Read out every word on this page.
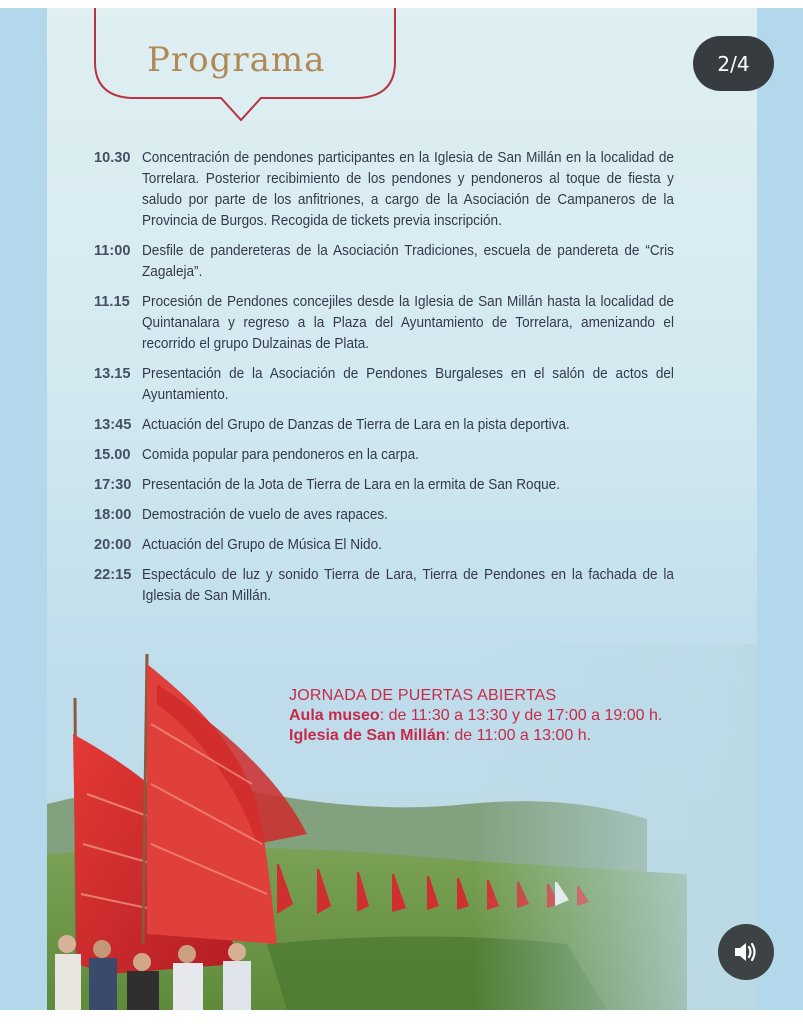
Programa
10.30 Concentración de pendones participantes en la Iglesia de San Millán en la localidad de Torrelara. Posterior recibimiento de los pendones y pendoneros al toque de fiesta y saludo por parte de los anfitriones, a cargo de la Asociación de Campaneros de la Provincia de Burgos. Recogida de tickets previa inscripción.
11:00 Desfile de pandereteras de la Asociación Tradiciones, escuela de pandereta de “Cris Zagaleja”.
11.15 Procesión de Pendones concejiles desde la Iglesia de San Millán hasta la localidad de Quintanalara y regreso a la Plaza del Ayuntamiento de Torrelara, amenizando el recorrido el grupo Dulzainas de Plata.
13.15 Presentación de la Asociación de Pendones Burgaleses en el salón de actos del Ayuntamiento.
13:45 Actuación del Grupo de Danzas de Tierra de Lara en la pista deportiva.
15.00 Comida popular para pendoneros en la carpa.
17:30 Presentación de la Jota de Tierra de Lara en la ermita de San Roque.
18:00 Demostración de vuelo de aves rapaces.
20:00 Actuación del Grupo de Música El Nido.
22:15 Espectáculo de luz y sonido Tierra de Lara, Tierra de Pendones en la fachada de la Iglesia de San Millán.
JORNADA DE PUERTAS ABIERTAS
Aula museo: de 11:30 a 13:30 y de 17:00 a 19:00 h.
Iglesia de San Millán: de 11:00 a 13:00 h.
2/4
